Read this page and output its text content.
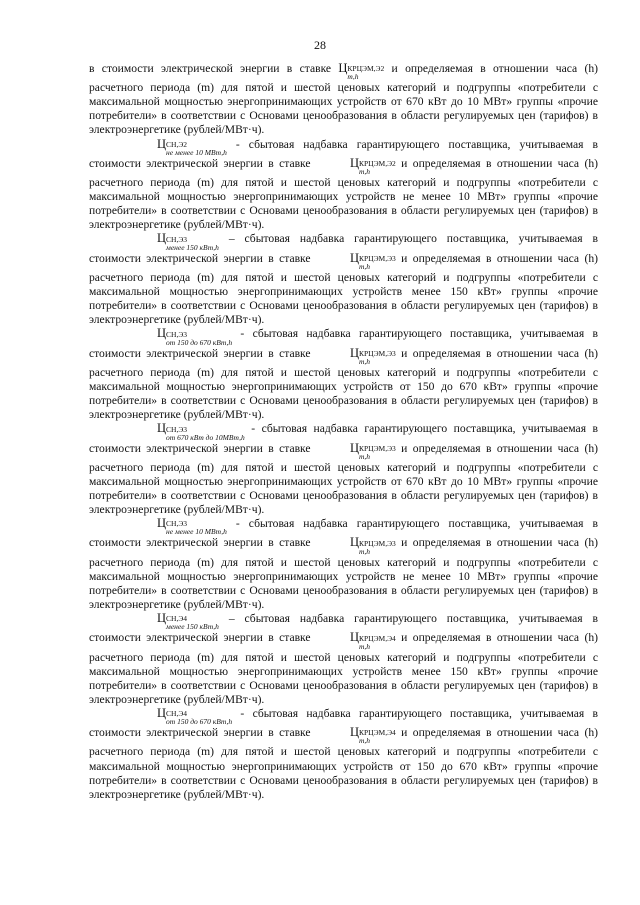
28

в стоимости электрической энергии в ставке Ц КРЦЭМ,Э2
m,h
и определяемая в отношении часа (h) расчетного периода (m) для пятой и шестой ценовых категорий и подгруппы «потребители с максимальной мощностью энергопринимающих устройств от 670 кВт до 10 МВт» группы «прочие потребители» в соответствии с Основами ценообразования в области регулируемых цен (тарифов) в электроэнергетике (рублей/МВт·ч).

Ц СН,Э2
не менее 10 МВт,h
- сбытовая надбавка гарантирующего поставщика, учитываемая в стоимости электрической энергии в ставке	Ц КРЦЭМ,Э2
m,h
и определяемая в отношении часа (h) расчетного периода (m) для пятой и шестой ценовых категорий и подгруппы «потребители с максимальной мощностью энергопринимающих устройств не менее 10 МВт» группы «прочие потребители» в соответствии с Основами ценообразования в области регулируемых цен (тарифов) в электроэнергетике (рублей/МВт·ч).

Ц СН,Э3
менее 150 кВт,h
– сбытовая надбавка гарантирующего поставщика, учитываемая в стоимости электрической энергии в ставке	Ц КРЦЭМ,Э3
m,h
и определяемая в отношении часа (h) расчетного периода (m) для пятой и шестой ценовых категорий и подгруппы «потребители с максимальной мощностью энергопринимающих устройств менее 150 кВт» группы «прочие потребители» в соответствии с Основами ценообразования в области регулируемых цен (тарифов) в электроэнергетике (рублей/МВт·ч).

Ц СН,Э3
от 150 до 670 кВт,h
- сбытовая надбавка гарантирующего поставщика, учитываемая в стоимости электрической энергии в ставке	Ц КРЦЭМ,Э3
m,h
и определяемая в отношении часа (h) расчетного периода (m) для пятой и шестой ценовых категорий и подгруппы «потребители с максимальной мощностью энергопринимающих устройств от 150 до 670 кВт» группы «прочие потребители» в соответствии с Основами ценообразования в области регулируемых цен (тарифов) в электроэнергетике (рублей/МВт·ч).

Ц СН,Э3
от 670 кВт до 10МВт,h
- сбытовая надбавка гарантирующего поставщика, учитываемая в стоимости электрической энергии в ставке	Ц КРЦЭМ,Э3
m,h
и определяемая в отношении часа (h) расчетного периода (m) для пятой и шестой ценовых категорий и подгруппы «потребители с максимальной мощностью энергопринимающих устройств от 670 кВт до 10 МВт» группы «прочие потребители» в соответствии с Основами ценообразования в области регулируемых цен (тарифов) в электроэнергетике (рублей/МВт·ч).

Ц СН,Э3
не менее 10 МВт,h
- сбытовая надбавка гарантирующего поставщика, учитываемая в стоимости электрической энергии в ставке	Ц КРЦЭМ,Э3
m,h
и определяемая в отношении часа (h) расчетного периода (m) для пятой и шестой ценовых категорий и подгруппы «потребители с максимальной мощностью энергопринимающих устройств не менее 10 МВт» группы «прочие потребители» в соответствии с Основами ценообразования в области регулируемых цен (тарифов) в электроэнергетике (рублей/МВт·ч).

Ц СН,Э4
менее 150 кВт,h
– сбытовая надбавка гарантирующего поставщика, учитываемая в стоимости электрической энергии в ставке	Ц КРЦЭМ,Э4
m,h
и определяемая в отношении часа (h) расчетного периода (m) для пятой и шестой ценовых категорий и подгруппы «потребители с максимальной мощностью энергопринимающих устройств менее 150 кВт» группы «прочие потребители» в соответствии с Основами ценообразования в области регулируемых цен (тарифов) в электроэнергетике (рублей/МВт·ч).

Ц СН,Э4
от 150 до 670 кВт,h
- сбытовая надбавка гарантирующего поставщика, учитываемая в стоимости электрической энергии в ставке	Ц КРЦЭМ,Э4
m,h
и определяемая в отношении часа (h) расчетного периода (m) для пятой и шестой ценовых категорий и подгруппы «потребители с максимальной мощностью энергопринимающих устройств от 150 до 670 кВт» группы «прочие потребители» в соответствии с Основами ценообразования в области регулируемых цен (тарифов) в электроэнергетике (рублей/МВт·ч).
